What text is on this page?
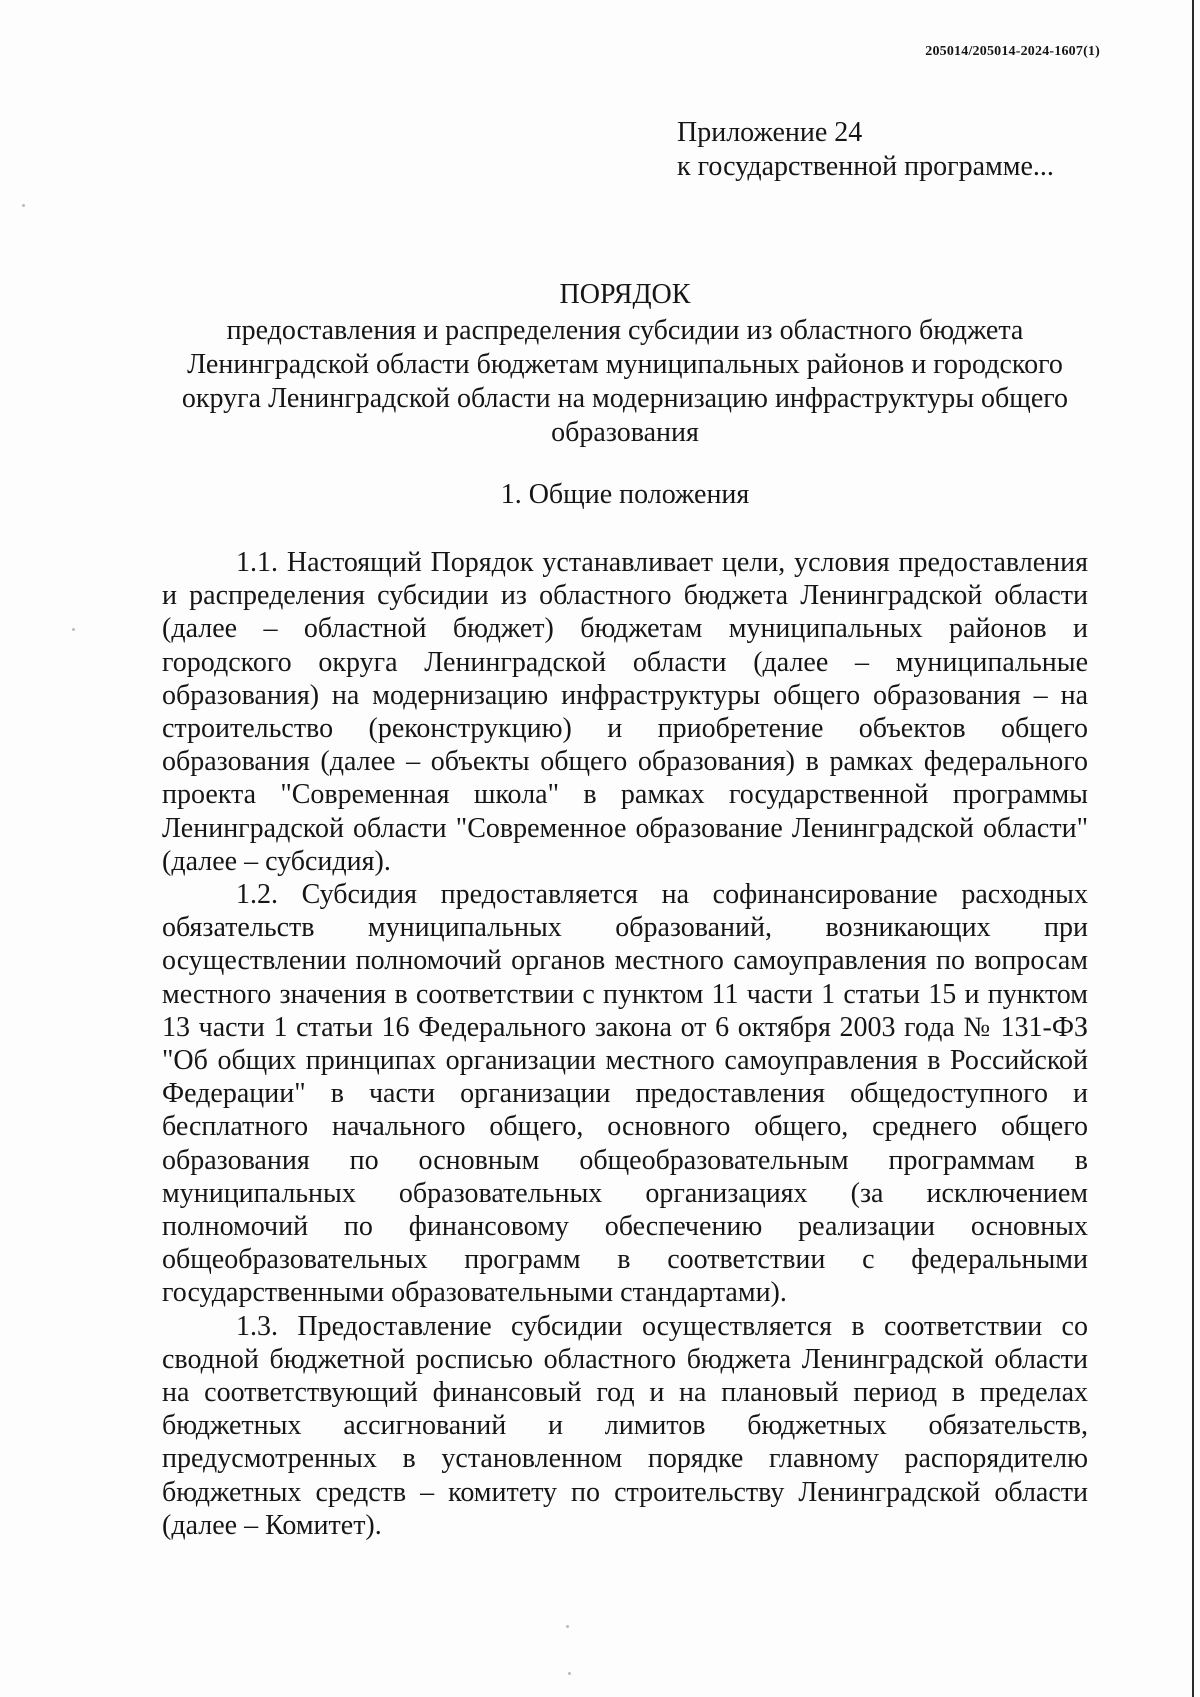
205014/205014-2024-1607(1)
Приложение 24
к государственной программе...
ПОРЯДОК
предоставления и распределения субсидии из областного бюджета Ленинградской области бюджетам муниципальных районов и городского округа Ленинградской области на модернизацию инфраструктуры общего образования
1. Общие положения

1.1. Настоящий Порядок устанавливает цели, условия предоставления и распределения субсидии из областного бюджета Ленинградской области (далее – областной бюджет) бюджетам муниципальных районов и городского округа Ленинградской области (далее – муниципальные образования) на модернизацию инфраструктуры общего образования – на строительство (реконструкцию) и приобретение объектов общего образования (далее – объекты общего образования) в рамках федерального проекта "Современная школа" в рамках государственной программы Ленинградской области "Современное образование Ленинградской области" (далее – субсидия).

1.2. Субсидия предоставляется на софинансирование расходных обязательств муниципальных образований, возникающих при осуществлении полномочий органов местного самоуправления по вопросам местного значения в соответствии с пунктом 11 части 1 статьи 15 и пунктом 13 части 1 статьи 16 Федерального закона от 6 октября 2003 года № 131-ФЗ "Об общих принципах организации местного самоуправления в Российской Федерации" в части организации предоставления общедоступного и бесплатного начального общего, основного общего, среднего общего образования по основным общеобразовательным программам в муниципальных образовательных организациях (за исключением полномочий по финансовому обеспечению реализации основных общеобразовательных программ в соответствии с федеральными государственными образовательными стандартами).

1.3. Предоставление субсидии осуществляется в соответствии со сводной бюджетной росписью областного бюджета Ленинградской области на соответствующий финансовый год и на плановый период в пределах бюджетных ассигнований и лимитов бюджетных обязательств, предусмотренных в установленном порядке главному распорядителю бюджетных средств – комитету по строительству Ленинградской области (далее – Комитет).
